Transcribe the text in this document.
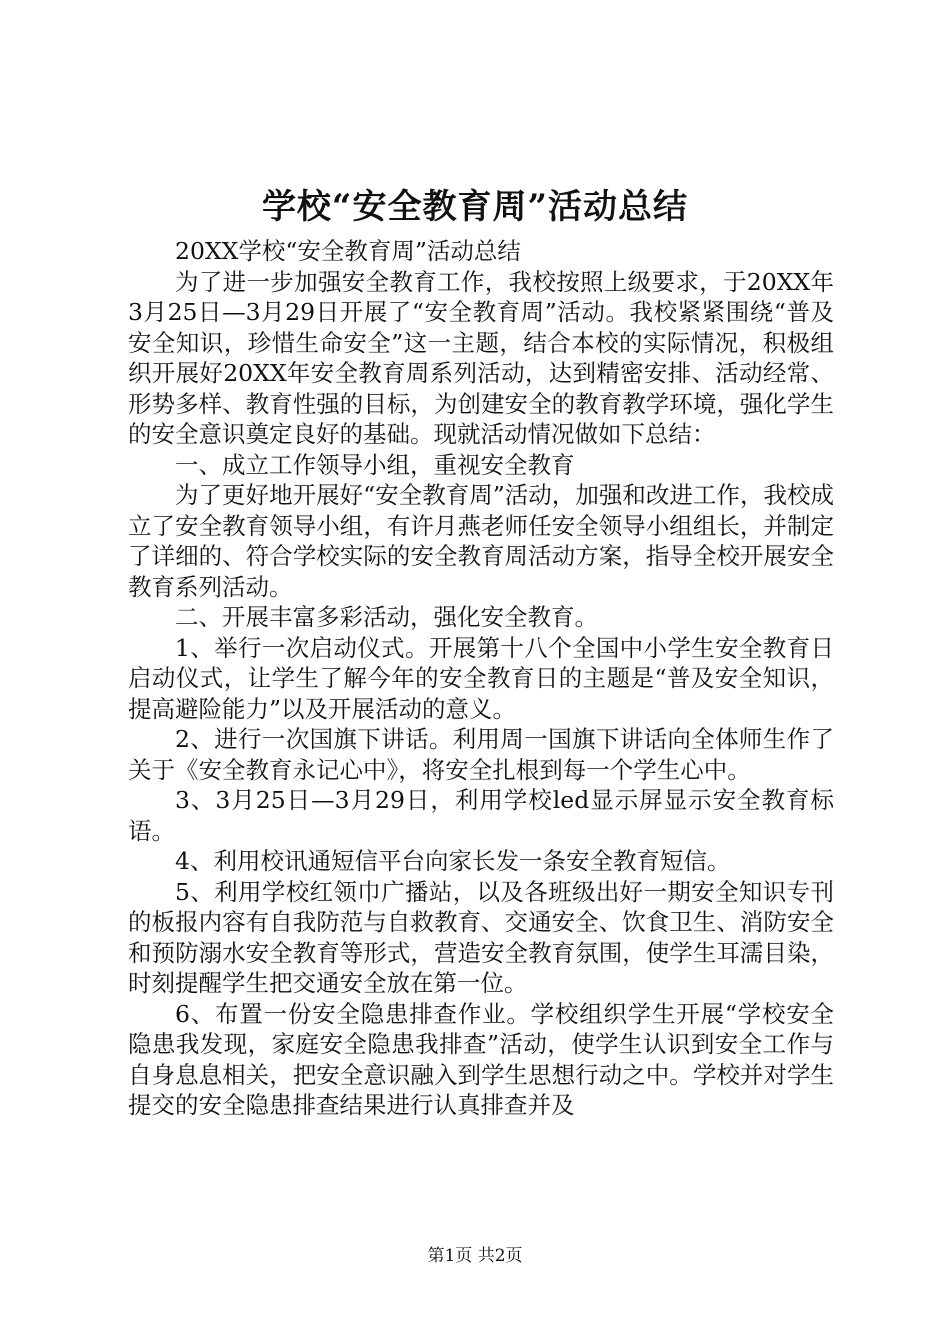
学校“安全教育周”活动总结

20XX学校“安全教育周”活动总结

为了进一步加强安全教育工作，我校按照上级要求，于20XX年3月25日—3月29日开展了“安全教育周”活动。我校紧紧围绕“普及安全知识，珍惜生命安全”这一主题，结合本校的实际情况，积极组织开展好20XX年安全教育周系列活动，达到精密安排、活动经常、形势多样、教育性强的目标，为创建安全的教育教学环境，强化学生的安全意识奠定良好的基础。现就活动情况做如下总结：

一、成立工作领导小组，重视安全教育

为了更好地开展好“安全教育周”活动，加强和改进工作，我校成立了安全教育领导小组，有许月燕老师任安全领导小组组长，并制定了详细的、符合学校实际的安全教育周活动方案，指导全校开展安全教育系列活动。

二、开展丰富多彩活动，强化安全教育。

1、举行一次启动仪式。开展第十八个全国中小学生安全教育日启动仪式，让学生了解今年的安全教育日的主题是“普及安全知识，提高避险能力”以及开展活动的意义。

2、进行一次国旗下讲话。利用周一国旗下讲话向全体师生作了关于《安全教育永记心中》，将安全扎根到每一个学生心中。

3、3月25日—3月29日，利用学校led显示屏显示安全教育标语。

4、利用校讯通短信平台向家长发一条安全教育短信。

5、利用学校红领巾广播站，以及各班级出好一期安全知识专刊的板报内容有自我防范与自救教育、交通安全、饮食卫生、消防安全和预防溺水安全教育等形式，营造安全教育氛围，使学生耳濡目染，时刻提醒学生把交通安全放在第一位。

6、布置一份安全隐患排查作业。学校组织学生开展“学校安全隐患我发现，家庭安全隐患我排查”活动，使学生认识到安全工作与自身息息相关，把安全意识融入到学生思想行动之中。学校并对学生提交的安全隐患排查结果进行认真排查并及

第1页 共2页
